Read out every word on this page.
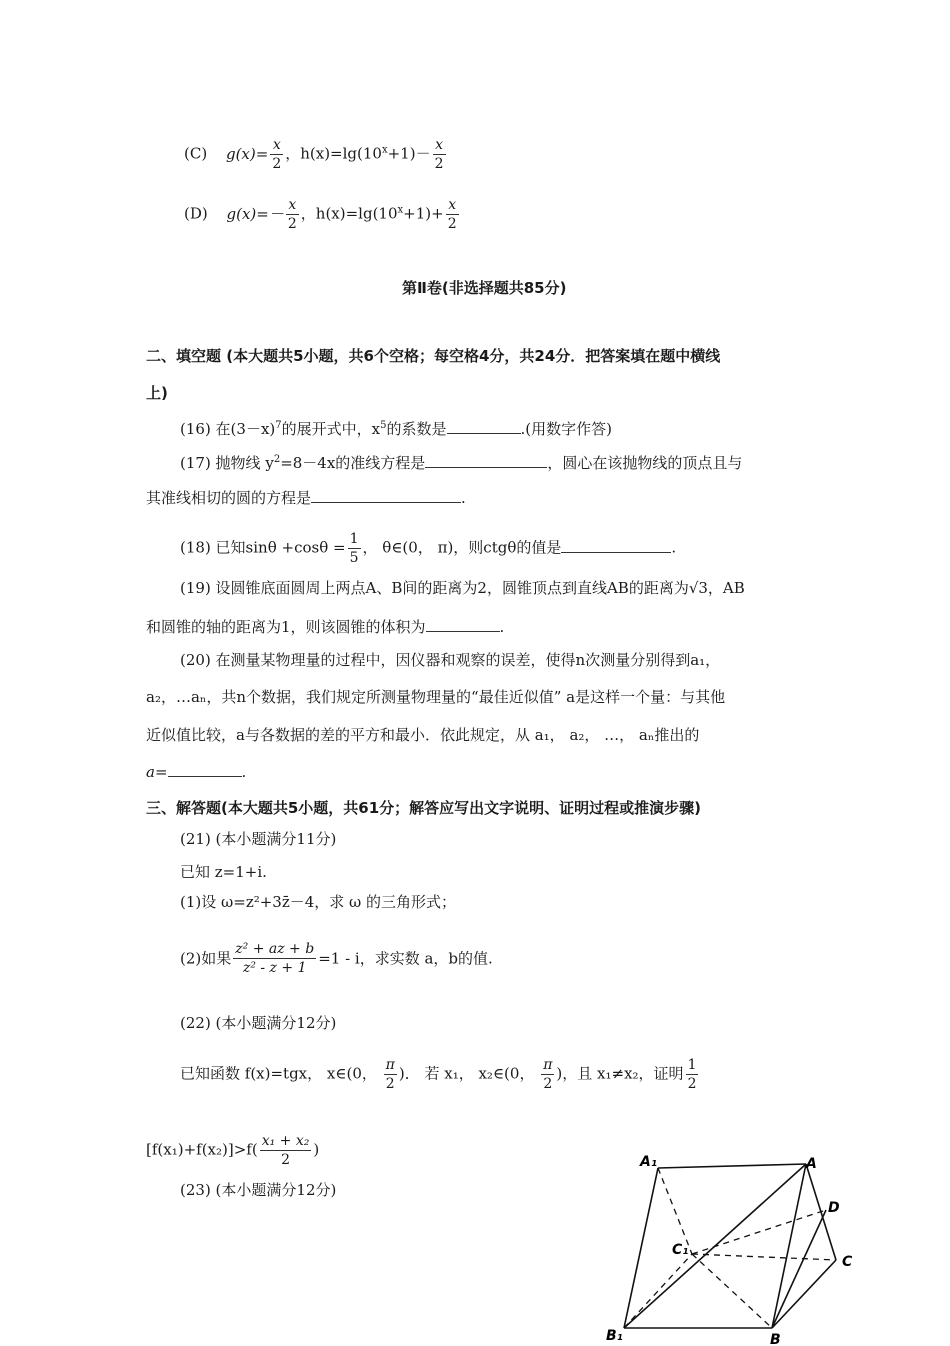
(C) $g(x)= \frac{x}{2}$ ，$h(x)=\lg(10^x+1)- \frac{x}{2}$
(D) $g(x)=- \frac{x}{2}$ ，$h(x)=\lg(10^x+1)+ \frac{x}{2}$
第Ⅱ卷(非选择题共85分)
二、填空题 (本大题共5小题，共6个空格；每空格4分，共24分．把答案填在题中横线
上)
(16) 在$(3-x)^7$的展开式中，$x^5$的系数是	.(用数字作答)
(17) 抛物线 $y^2=8-4x$的准线方程是	，圆心在该抛物线的顶点且与
其准线相切的圆的方程是	.
(18) 已知$\sin\theta +\cos\theta = \frac{1}{5}$ ， θ∈(0， π)，则ctgθ的值是	.
(19) 设圆锥底面圆周上两点A、B间的距离为2，圆锥顶点到直线AB的距离为√3，AB
和圆锥的轴的距离为1，则该圆锥的体积为	.
(20) 在测量某物理量的过程中，因仪器和观察的误差，使得n次测量分别得到a₁，
a₂，…aₙ，共n个数据，我们规定所测量物理量的“最佳近似值” a是这样一个量：与其他
近似值比较，a与各数据的差的平方和最小．依此规定，从 a₁， a₂， …， aₙ推出的
a=	.
三、解答题(本大题共5小题，共61分；解答应写出文字说明、证明过程或推演步骤)
(21) (本小题满分11分)
已知 z=1+i.
(1)设 ω=z²+3z̄－4，求 ω 的三角形式；
(2)如果 $\frac{\text{z² + az + b}}{\text{z² - z + 1}} =1 - i$，求实数 a，b的值.
(22) (本小题满分12分)
已知函数 f(x)=tgx， x∈(0， $\frac{\pi}{2}$ )． 若 x₁， x₂∈(0， $\frac{\pi}{2}$ )，且 x₁≠x₂，证明 $\frac{1}{2}$
$[f(x_1)+f(x_2)]>f( \frac{\text{x₁ + x₂}}{2}$ )
(23) (本小题满分12分)
A₁	A
D
C₁
C
B₁	B
